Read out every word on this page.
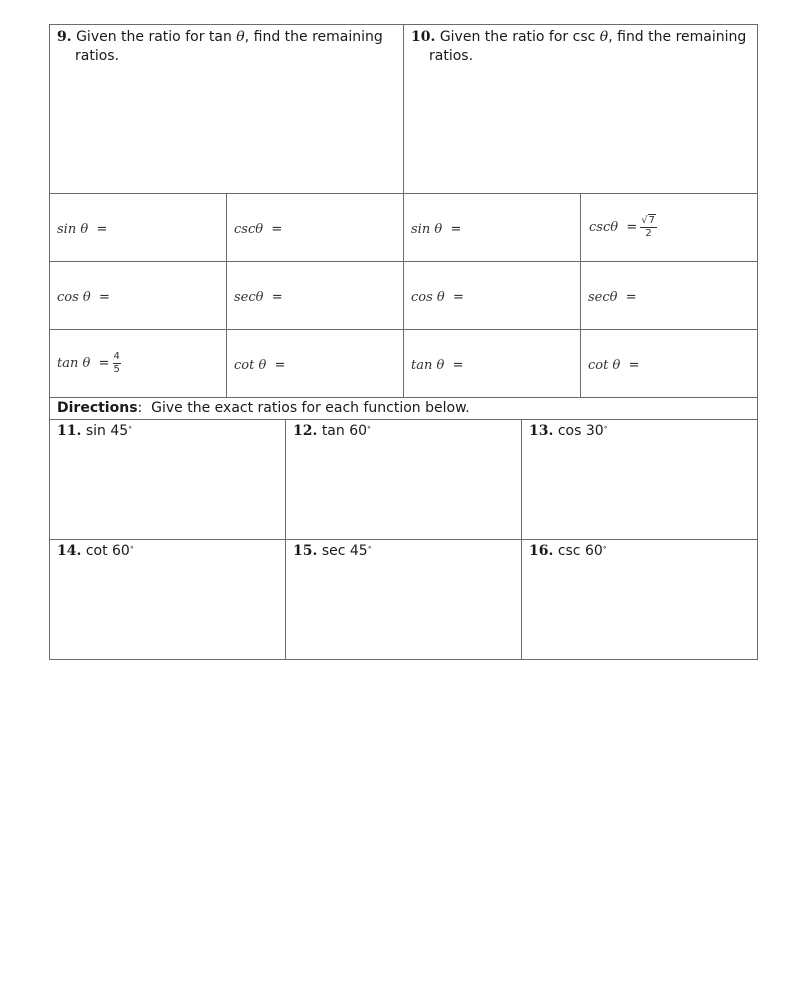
9. Given the ratio for tan θ, find the remaining
ratios.		10. Given the ratio for csc θ, find the remaining
ratios.	

sin θ =	cscθ =	sin θ =	$\csc\theta = \frac{√7}{2}$

cos θ =	secθ =	cos θ =	secθ =
$\tan \theta = \frac{4}{5}$	cot θ =	tan θ =	cot θ =
Directions: Give the exact ratios for each function below.		
11. sin 45°	12. tan 60°	13. cos 30°
14. cot 60°	15. sec 45°	16. csc 60°
